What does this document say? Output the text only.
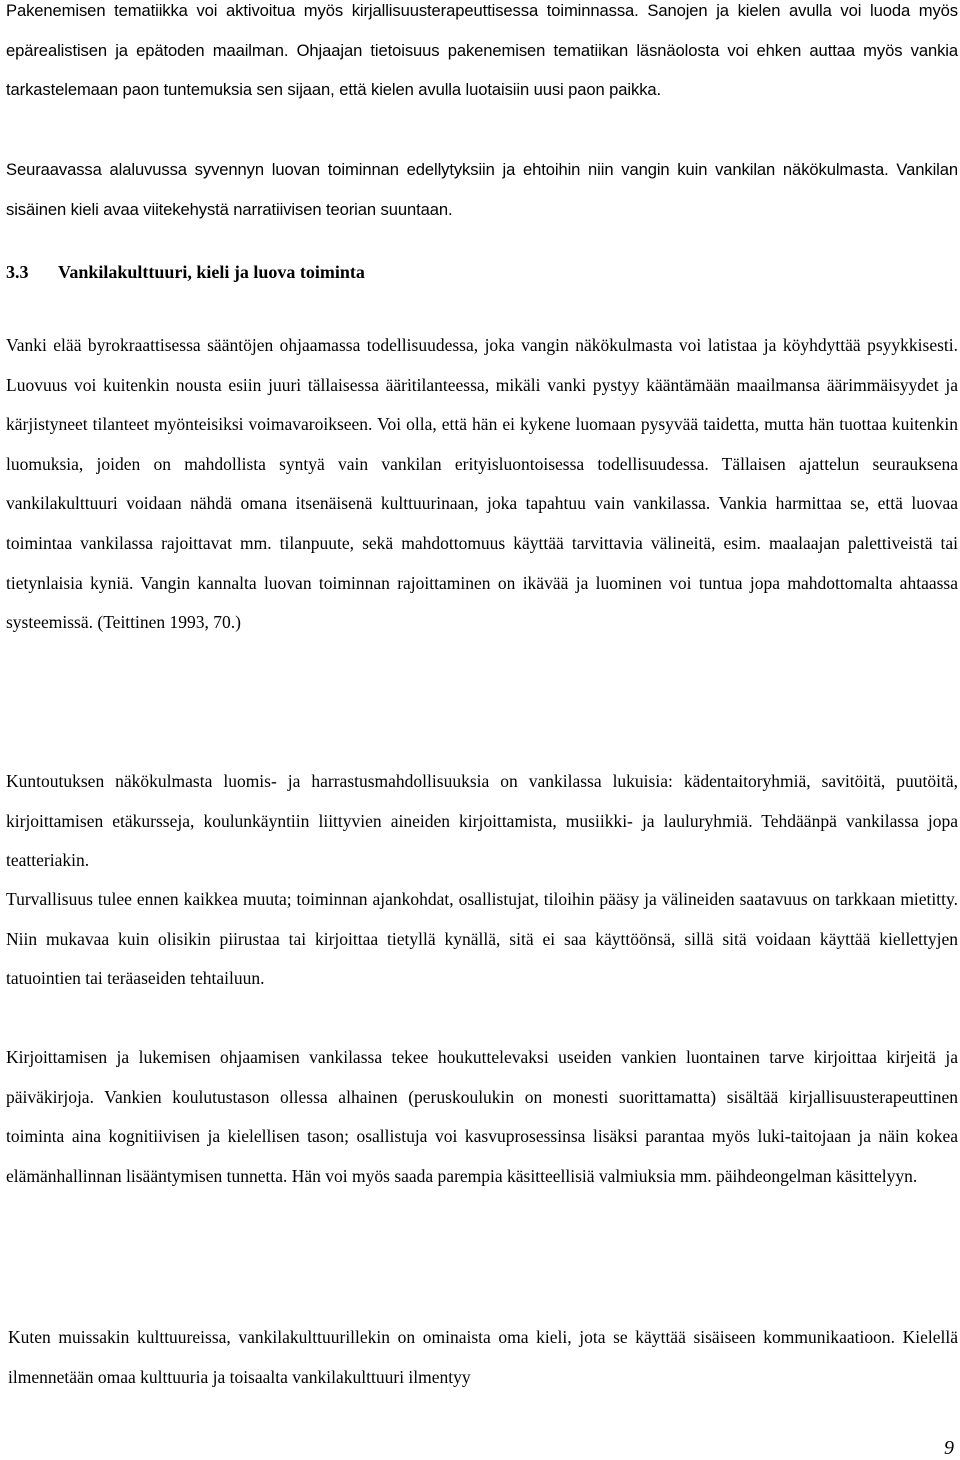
Pakenemisen tematiikka voi aktivoitua myös kirjallisuusterapeuttisessa toiminnassa. Sanojen ja kielen avulla voi luoda myös epärealistisen ja epätoden maailman. Ohjaajan tietoisuus pakenemisen tematiikan läsnäolosta voi ehken auttaa myös vankia tarkastelemaan paon tuntemuksia sen sijaan, että kielen avulla luotaisiin uusi paon paikka.

Seuraavassa alaluvussa syvennyn luovan toiminnan edellytyksiin ja ehtoihin niin vangin kuin vankilan näkökulmasta. Vankilan sisäinen kieli avaa viitekehystä narratiivisen teorian suuntaan.

3.3 Vankilakulttuuri, kieli ja luova toiminta

Vanki elää byrokraattisessa sääntöjen ohjaamassa todellisuudessa, joka vangin näkökulmasta voi latistaa ja köyhdyttää psyykkisesti. Luovuus voi kuitenkin nousta esiin juuri tällaisessa ääritilanteessa, mikäli vanki pystyy kääntämään maailmansa äärimmäisyydet ja kärjistyneet tilanteet myönteisiksi voimavaroikseen. Voi olla, että hän ei kykene luomaan pysyvää taidetta, mutta hän tuottaa kuitenkin luomuksia, joiden on mahdollista syntyä vain vankilan erityisluontoisessa todellisuudessa. Tällaisen ajattelun seurauksena vankilakulttuuri voidaan nähdä omana itsenäisenä kulttuurinaan, joka tapahtuu vain vankilassa. Vankia harmittaa se, että luovaa toimintaa vankilassa rajoittavat mm. tilanpuute, sekä mahdottomuus käyttää tarvittavia välineitä, esim. maalaajan palettiveistä tai tietynlaisia kyniä. Vangin kannalta luovan toiminnan rajoittaminen on ikävää ja luominen voi tuntua jopa mahdottomalta ahtaassa systeemissä. (Teittinen 1993, 70.)

Kuntoutuksen näkökulmasta luomis- ja harrastusmahdollisuuksia on vankilassa lukuisia: kädentaitoryhmiä, savitöitä, puutöitä, kirjoittamisen etäkursseja, koulunkäyntiin liittyvien aineiden kirjoittamista, musiikki- ja lauluryhmiä. Tehdäänpä vankilassa jopa teatteriakin.

Turvallisuus tulee ennen kaikkea muuta; toiminnan ajankohdat, osallistujat, tiloihin pääsy ja välineiden saatavuus on tarkkaan mietitty. Niin mukavaa kuin olisikin piirustaa tai kirjoittaa tietyllä kynällä, sitä ei saa käyttöönsä, sillä sitä voidaan käyttää kiellettyjen tatuointien tai teräaseiden tehtailuun.

Kirjoittamisen ja lukemisen ohjaamisen vankilassa tekee houkuttelevaksi useiden vankien luontainen tarve kirjoittaa kirjeitä ja päiväkirjoja. Vankien koulutustason ollessa alhainen (peruskoulukin on monesti suorittamatta) sisältää kirjallisuusterapeuttinen toiminta aina kognitiivisen ja kielellisen tason; osallistuja voi kasvuprosessinsa lisäksi parantaa myös luki-taitojaan ja näin kokea elämänhallinnan lisääntymisen tunnetta. Hän voi myös saada parempia käsitteellisiä valmiuksia mm. päihdeongelman käsittelyyn.

Kuten muissakin kulttuureissa, vankilakulttuurillekin on ominaista oma kieli, jota se käyttää sisäiseen kommunikaatioon. Kielellä ilmennetään omaa kulttuuria ja toisaalta vankilakulttuuri ilmentyy

9
